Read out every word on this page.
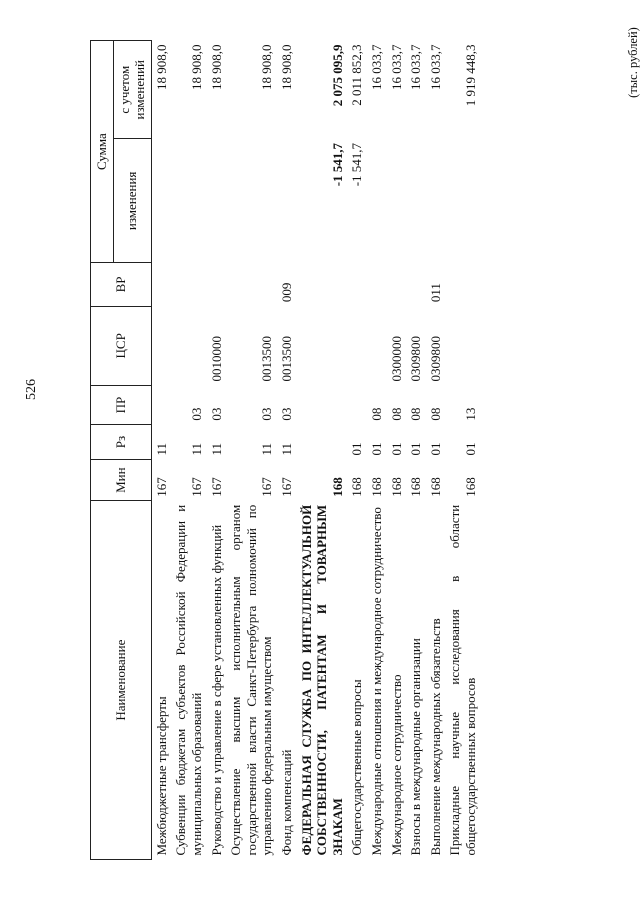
526
(тыс. рублей)
Наименование	Мин	Рз	ПР	ЦСР	ВР	Сумма	
						изменения	с учетом изменений
Межбюджетные трансферты	167	11					18 908,0
Субвенции бюджетам субъектов Российской Федерации и муниципальных образований	167	11	03				18 908,0
Руководство и управление в сфере установленных функций	167	11	03	0010000			18 908,0
Осуществление высшим исполнительным органом государственной власти Санкт-Петербурга полномочий по управлению федеральным имуществом	167	11	03	0013500			18 908,0
Фонд компенсаций	167	11	03	0013500	009		18 908,0
ФЕДЕРАЛЬНАЯ СЛУЖБА ПО ИНТЕЛЛЕКТУАЛЬНОЙ СОБСТВЕННОСТИ, ПАТЕНТАМ И ТОВАРНЫМ ЗНАКАМ	168					-1 541,7	2 075 095,9
Общегосударственные вопросы	168	01				-1 541,7	2 011 852,3
Международные отношения и международное сотрудничество	168	01	08				16 033,7
Международное сотрудничество	168	01	08	0300000			16 033,7
Взносы в международные организации	168	01	08	0309800			16 033,7
Выполнение международных обязательств	168	01	08	0309800	011		16 033,7
Прикладные научные исследования в области общегосударственных вопросов	168	01	13				1 919 448,3
